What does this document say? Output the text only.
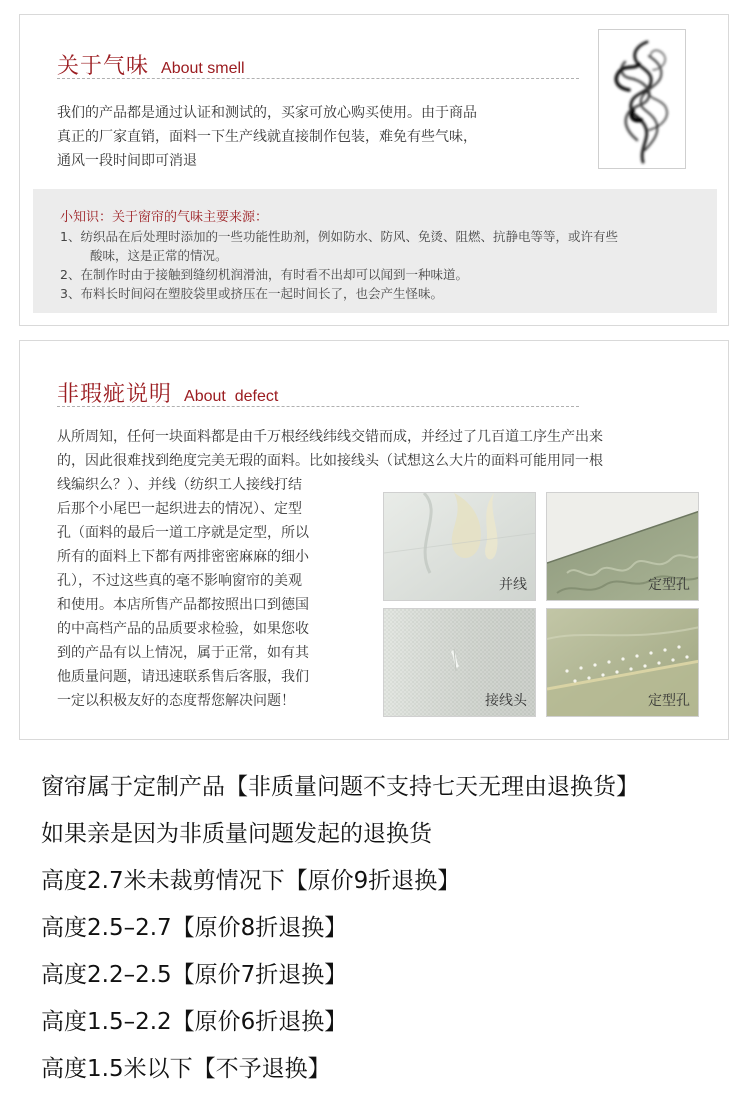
关于气味 About smell
我们的产品都是通过认证和测试的，买家可放心购买使用。由于商品
真正的厂家直销，面料一下生产线就直接制作包装，难免有些气味，
通风一段时间即可消退
小知识：关于窗帘的气味主要来源：
1、纺织品在后处理时添加的一些功能性助剂，例如防水、防风、免烫、阻燃、抗静电等等，或许有些
酸味，这是正常的情况。
2、在制作时由于接触到缝纫机润滑油，有时看不出却可以闻到一种味道。
3、布料长时间闷在塑胶袋里或挤压在一起时间长了，也会产生怪味。
非瑕疵说明 About  defect
从所周知，任何一块面料都是由千万根经线纬线交错而成，并经过了几百道工序生产出来
的，因此很难找到绝度完美无瑕的面料。比如接线头（试想这么大片的面料可能用同一根
线编织么？）、并线（纺织工人接线打结
后那个小尾巴一起织进去的情况）、定型
孔（面料的最后一道工序就是定型，所以
所有的面料上下都有两排密密麻麻的细小
孔），不过这些真的毫不影响窗帘的美观
和使用。本店所售产品都按照出口到德国
的中高档产品的品质要求检验，如果您收
到的产品有以上情况，属于正常，如有其
他质量问题，请迅速联系售后客服，我们
一定以积极友好的态度帮您解决问题！
并线	定型孔
接线头	定型孔
窗帘属于定制产品【非质量问题不支持七天无理由退换货】
如果亲是因为非质量问题发起的退换货
高度2.7米未裁剪情况下【原价9折退换】
高度2.5–2.7【原价8折退换】
高度2.2–2.5【原价7折退换】
高度1.5–2.2【原价6折退换】
高度1.5米以下【不予退换】
